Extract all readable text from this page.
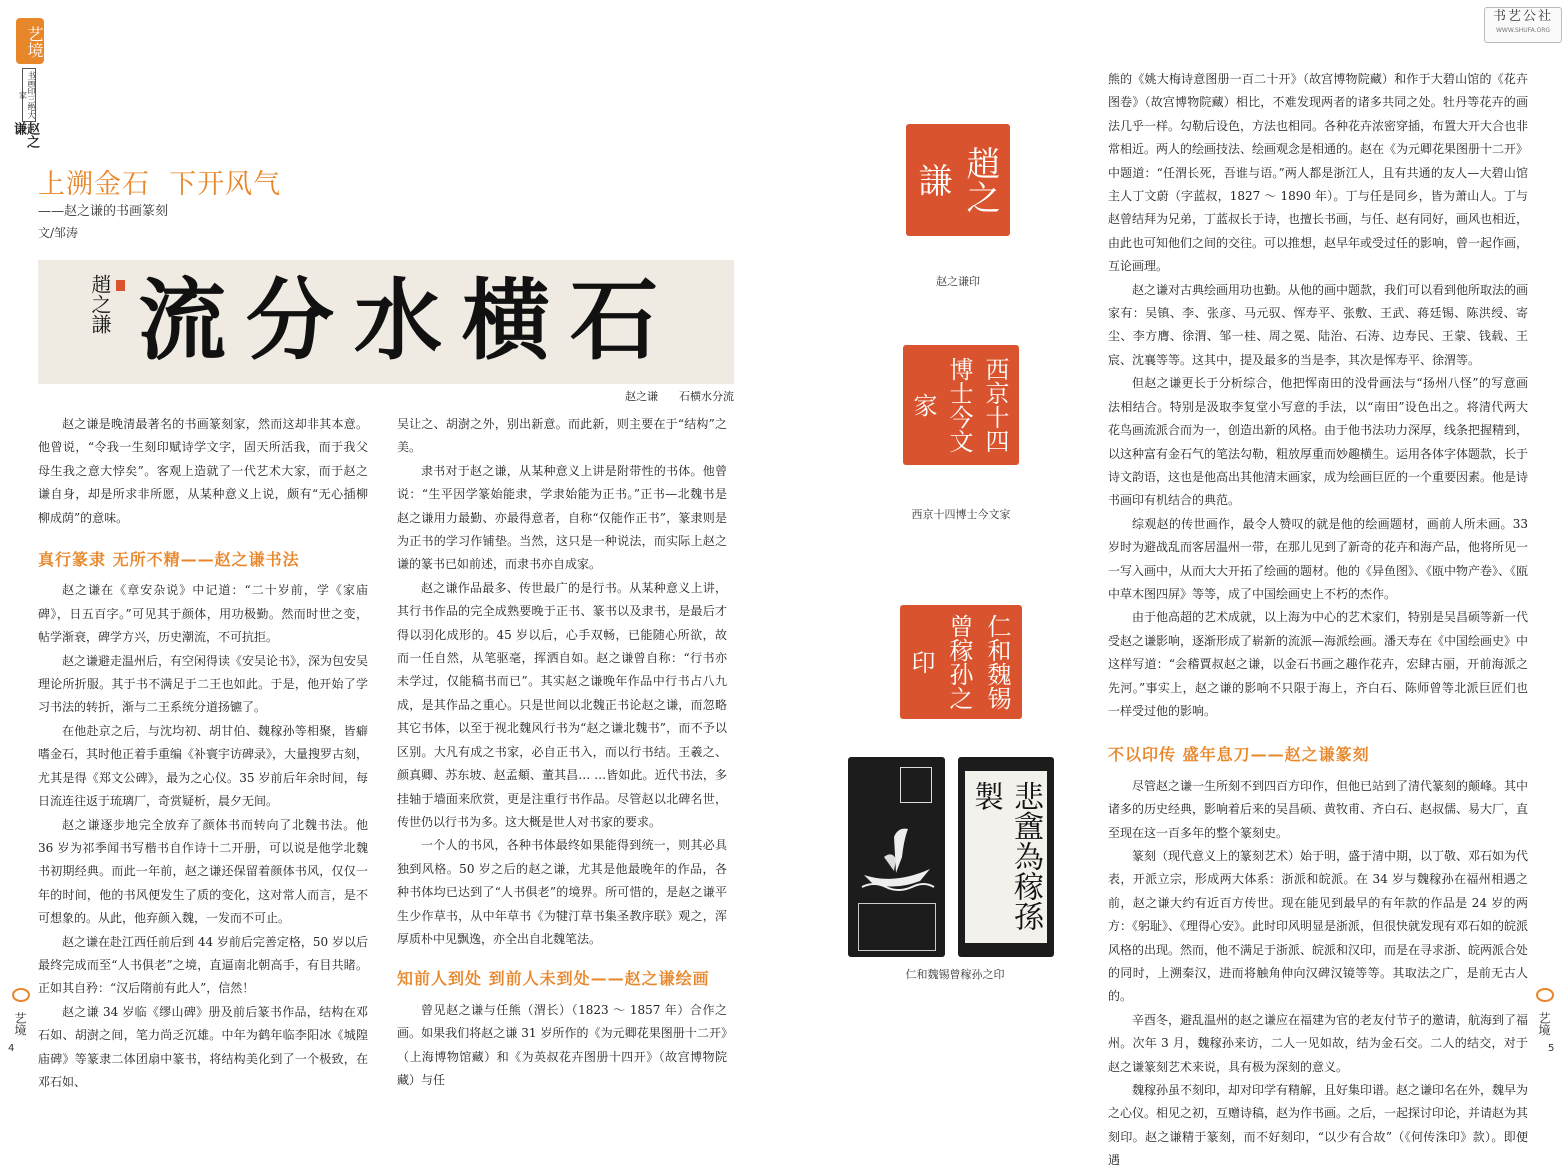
艺境
书画印三绝大家
赵之谦
上溯金石  下开风气
——赵之谦的书画篆刻
文/邹涛
趙之謙 流分水横石
赵之谦 石横水分流

赵之谦是晚清最著名的书画篆刻家，然而这却非其本意。他曾说，“令我一生刻印赋诗学文字，固天所活我，而于我父母生我之意大悖矣”。客观上造就了一代艺术大家，而于赵之谦自身，却是所求非所愿，从某种意义上说，颇有“无心插柳柳成荫”的意味。

真行篆隶 无所不精——赵之谦书法

赵之谦在《章安杂说》中记道：“二十岁前，学《家庙碑》，日五百字。”可见其于颜体，用功极勤。然而时世之变，帖学渐衰，碑学方兴，历史潮流，不可抗拒。

赵之谦避走温州后，有空闲得读《安吴论书》，深为包安吴理论所折服。其于书不满足于二王也如此。于是，他开始了学习书法的转折，渐与二王系统分道扬镳了。

在他赴京之后，与沈均初、胡甘伯、魏稼孙等相聚，皆癖嗜金石，其时他正着手重编《补寰宇访碑录》，大量搜罗古刻，尤其是得《郑文公碑》，最为之心仪。35 岁前后年余时间，每日流连往返于琉璃厂，奇赏疑析，晨夕无间。

赵之谦逐步地完全放弃了颜体书而转向了北魏书法。他 36 岁为祁季闻书写楷书自作诗十二开册，可以说是他学北魏书初期经典。而此一年前，赵之谦还保留着颜体书风，仅仅一年的时间，他的书风便发生了质的变化，这对常人而言，是不可想象的。从此，他弃颜入魏，一发而不可止。

赵之谦在赴江西任前后到 44 岁前后完善定格，50 岁以后最终完成而至“人书俱老”之境，直逼南北朝高手，有目共睹。正如其自矜：“汉后隋前有此人”，信然！

赵之谦 34 岁临《缪山碑》册及前后篆书作品，结构在邓石如、胡澍之间，笔力尚乏沉雄。中年为鹤年临李阳冰《城隍庙碑》等篆隶二体团扇中篆书，将结构美化到了一个极致，在邓石如、

吴让之、胡澍之外，别出新意。而此新，则主要在于“结构”之美。

隶书对于赵之谦，从某种意义上讲是附带性的书体。他曾说：“生平因学篆始能隶，学隶始能为正书。”正书—北魏书是赵之谦用力最勤、亦最得意者，自称“仅能作正书”，篆隶则是为正书的学习作铺垫。当然，这只是一种说法，而实际上赵之谦的篆书已如前述，而隶书亦自成家。

赵之谦作品最多、传世最广的是行书。从某种意义上讲，其行书作品的完全成熟要晚于正书、篆书以及隶书，是最后才得以羽化成形的。45 岁以后，心手双畅，已能随心所欲，故而一任自然，从笔驱毫，挥洒自如。赵之谦曾自称：“行书亦未学过，仅能稿书而已”。其实赵之谦晚年作品中行书占八九成，是其作品之重心。只是世间以北魏正书论赵之谦，而忽略其它书体，以至于视北魏风行书为“赵之谦北魏书”，而不予以区别。大凡有成之书家，必自正书入，而以行书结。王羲之、颜真卿、苏东坡、赵孟頫、董其昌… …皆如此。近代书法，多挂轴于墙面来欣赏，更是注重行书作品。尽管赵以北碑名世，传世仍以行书为多。这大概是世人对书家的要求。

一个人的书风，各种书体最终如果能得到统一，则其必具独到风格。50 岁之后的赵之谦，尤其是他最晚年的作品，各种书体均已达到了“人书俱老”的境界。所可惜的，是赵之谦平生少作草书，从中年草书《为犍汀草书集圣教序联》观之，浑厚质朴中见飘逸，亦全出自北魏笔法。

知前人到处 到前人未到处——赵之谦绘画

曾见赵之谦与任熊（渭长）（1823 ～ 1857 年）合作之画。如果我们将赵之谦 31 岁所作的《为元卿花果图册十二开》（上海博物馆藏）和《为英叔花卉图册十四开》（故宫博物院藏）与任

艺境
4
趙之謙
赵之谦印
西京十四博士今文家
西京十四博士今文家
仁和魏锡曾稼孙之印
悲盦為稼孫製
仁和魏锡曾稼孙之印
书艺公社
WWW.SHUFA.ORG

熊的《姚大梅诗意图册一百二十开》（故宫博物院藏）和作于大碧山馆的《花卉图卷》（故宫博物院藏）相比，不难发现两者的诸多共同之处。牡丹等花卉的画法几乎一样。勾勒后设色，方法也相同。各种花卉浓密穿插，布置大开大合也非常相近。两人的绘画技法、绘画观念是相通的。赵在《为元卿花果图册十二开》中题道：“任渭长死，吾谁与语。”两人都是浙江人，且有共通的友人—大碧山馆主人丁文蔚（字蓝叔，1827 ～ 1890 年）。丁与任是同乡，皆为萧山人。丁与赵曾结拜为兄弟，丁蓝叔长于诗，也擅长书画，与任、赵有同好，画风也相近，由此也可知他们之间的交往。可以推想，赵早年或受过任的影响，曾一起作画，互论画理。

赵之谦对古典绘画用功也勤。从他的画中题款，我们可以看到他所取法的画家有：吴镇、李、张彦、马元驭、恽寿平、张敷、王武、蒋廷锡、陈洪绶、寄尘、李方膺、徐渭、邹一桂、周之冕、陆治、石涛、边寿民、王蒙、钱载、王宸、沈襄等等。这其中，提及最多的当是李，其次是恽寿平、徐渭等。

但赵之谦更长于分析综合，他把恽南田的没骨画法与“扬州八怪”的写意画法相结合。特别是汲取李复堂小写意的手法，以“南田”设色出之。将清代两大花鸟画流派合而为一，创造出新的风格。由于他书法功力深厚，线条把握精到，以这种富有金石气的笔法勾勒，粗放厚重而妙趣横生。运用各体字体题款，长于诗文韵语，这也是他高出其他清末画家，成为绘画巨匠的一个重要因素。他是诗书画印有机结合的典范。

综观赵的传世画作，最令人赞叹的就是他的绘画题材，画前人所未画。33 岁时为避战乱而客居温州一带，在那儿见到了新奇的花卉和海产品，他将所见一一写入画中，从而大大开拓了绘画的题材。他的《异鱼图》、《瓯中物产卷》、《瓯中草木图四屏》等等，成了中国绘画史上不朽的杰作。

由于他高超的艺术成就，以上海为中心的艺术家们，特别是吴昌硕等新一代受赵之谦影响，逐渐形成了崭新的流派—海派绘画。潘天寿在《中国绘画史》中这样写道：“会稽賈叔赵之谦，以金石书画之趣作花卉，宏肆古丽，开前海派之先河。”事实上，赵之谦的影响不只限于海上，齐白石、陈师曾等北派巨匠们也一样受过他的影响。

不以印传 盛年息刀——赵之谦篆刻

尽管赵之谦一生所刻不到四百方印作，但他已站到了清代篆刻的颠峰。其中诸多的历史经典，影响着后来的吴昌硕、黄牧甫、齐白石、赵叔儒、易大厂，直至现在这一百多年的整个篆刻史。

篆刻（现代意义上的篆刻艺术）始于明，盛于清中期，以丁敬、邓石如为代表，开派立宗，形成两大体系：浙派和皖派。在 34 岁与魏稼孙在福州相遇之前，赵之谦大约有近百方传世。现在能见到最早的有年款的作品是 24 岁的两方：《躬耻》、《理得心安》。此时印风明显是浙派，但很快就发现有邓石如的皖派风格的出现。然而，他不满足于浙派、皖派和汉印，而是在寻求浙、皖两派合处的同时，上溯秦汉，进而将触角伸向汉碑汉镜等等。其取法之广，是前无古人的。

辛酉冬，避乱温州的赵之谦应在福建为官的老友付节子的邀请，航海到了福州。次年 3 月，魏稼孙来访，二人一见如故，结为金石交。二人的结交，对于赵之谦篆刻艺术来说，具有极为深刻的意义。

魏稼孙虽不刻印，却对印学有精解，且好集印谱。赵之谦印名在外，魏早为之心仪。相见之初，互赠诗稿，赵为作书画。之后，一起探讨印论，并请赵为其刻印。赵之谦精于篆刻，而不好刻印，“以少有合故”（《何传洙印》款）。即便遇

艺境
5
